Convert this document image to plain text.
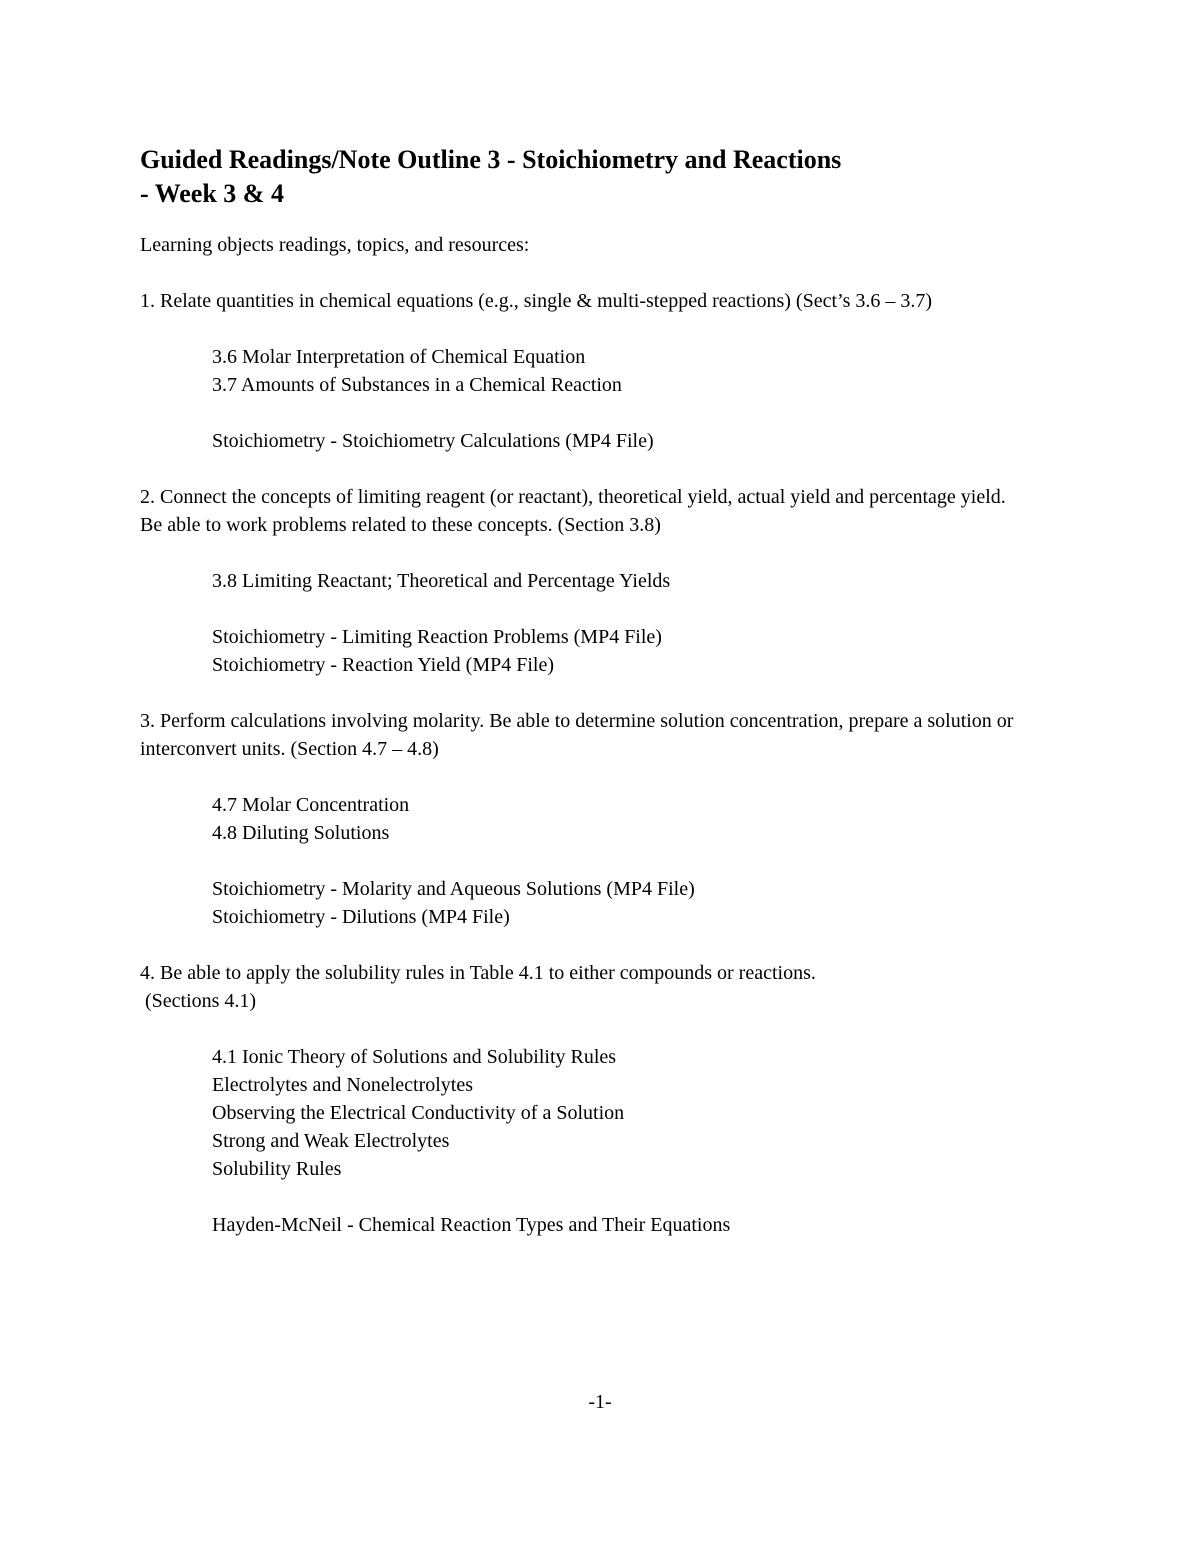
Guided Readings/Note Outline 3 - Stoichiometry and Reactions
- Week 3 & 4

Learning objects readings, topics, and resources:

1. Relate quantities in chemical equations (e.g., single & multi-stepped reactions) (Sect’s 3.6 – 3.7)

3.6 Molar Interpretation of Chemical Equation
3.7 Amounts of Substances in a Chemical Reaction
Stoichiometry - Stoichiometry Calculations (MP4 File)

2. Connect the concepts of limiting reagent (or reactant), theoretical yield, actual yield and percentage yield. Be able to work problems related to these concepts. (Section 3.8)

3.8 Limiting Reactant; Theoretical and Percentage Yields
Stoichiometry - Limiting Reaction Problems (MP4 File)
Stoichiometry - Reaction Yield (MP4 File)

3. Perform calculations involving molarity. Be able to determine solution concentration, prepare a solution or interconvert units. (Section 4.7 – 4.8)

4.7 Molar Concentration
4.8 Diluting Solutions
Stoichiometry - Molarity and Aqueous Solutions (MP4 File)
Stoichiometry - Dilutions (MP4 File)
4. Be able to apply the solubility rules in Table 4.1 to either compounds or reactions.
(Sections 4.1)
4.1 Ionic Theory of Solutions and Solubility Rules
Electrolytes and Nonelectrolytes
Observing the Electrical Conductivity of a Solution
Strong and Weak Electrolytes
Solubility Rules
Hayden-McNeil - Chemical Reaction Types and Their Equations
-1-
